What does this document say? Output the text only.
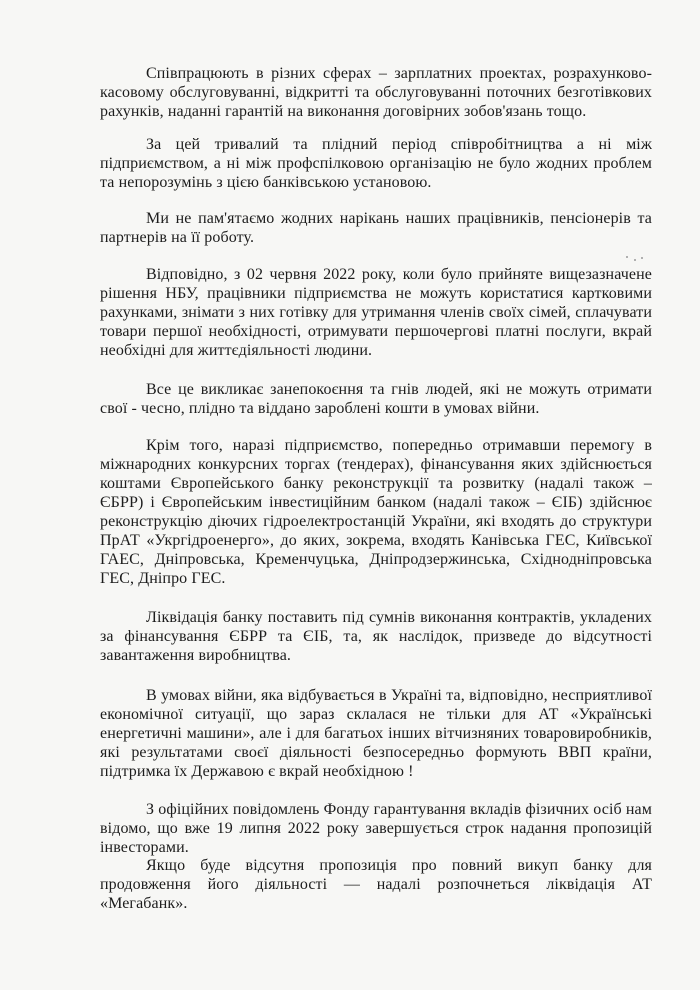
Співпрацюють в різних сферах – зарплатних проектах, розрахунково-касовому обслуговуванні, відкритті та обслуговуванні поточних безготівкових рахунків, наданні гарантій на виконання договірних зобов'язань тощо.

За цей тривалий та плідний період співробітництва а ні між підприємством, а ні між профспілковою організацію не було жодних проблем та непорозумінь з цією банківською установою.

Ми не пам'ятаємо жодних нарікань наших працівників, пенсіонерів та партнерів на її роботу.

Відповідно, з 02 червня 2022 року, коли було прийняте вищезазначене рішення НБУ, працівники підприємства не можуть користатися картковими рахунками, знімати з них готівку для утримання членів своїх сімей, сплачувати товари першої необхідності, отримувати першочергові платні послуги, вкрай необхідні для життєдіяльності людини.

Все це викликає занепокоєння та гнів людей, які не можуть отримати свої - чесно, плідно та віддано зароблені кошти в умовах війни.

Крім того, наразі підприємство, попередньо отримавши перемогу в міжнародних конкурсних торгах (тендерах), фінансування яких здійснюється коштами Європейського банку реконструкції та розвитку (надалі також – ЄБРР) і Європейським інвестиційним банком (надалі також – ЄІБ) здійснює реконструкцію діючих гідроелектростанцій України, які входять до структури ПрАТ «Укргідроенерго», до яких, зокрема, входять Канівська ГЕС, Київської ГАЕС, Дніпровська, Кременчуцька, Дніпродзержинська, Східнодніпровська ГЕС, Дніпро ГЕС.

Ліквідація банку поставить під сумнів виконання контрактів, укладених за фінансування ЄБРР та ЄІБ, та, як наслідок, призведе до відсутності завантаження виробництва.

В умовах війни, яка відбувається в Україні та, відповідно, несприятливої економічної ситуації, що зараз склалася не тільки для АТ «Українські енергетичні машини», але і для багатьох інших вітчизняних товаровиробників, які результатами своєї діяльності безпосередньо формують ВВП країни, підтримка їх Державою є вкрай необхідною !

З офіційних повідомлень Фонду гарантування вкладів фізичних осіб нам відомо, що вже 19 липня 2022 року завершується строк надання пропозицій інвесторами.

Якщо буде відсутня пропозиція про повний викуп банку для продовження його діяльності — надалі розпочнеться ліквідація АТ «Мегабанк».
